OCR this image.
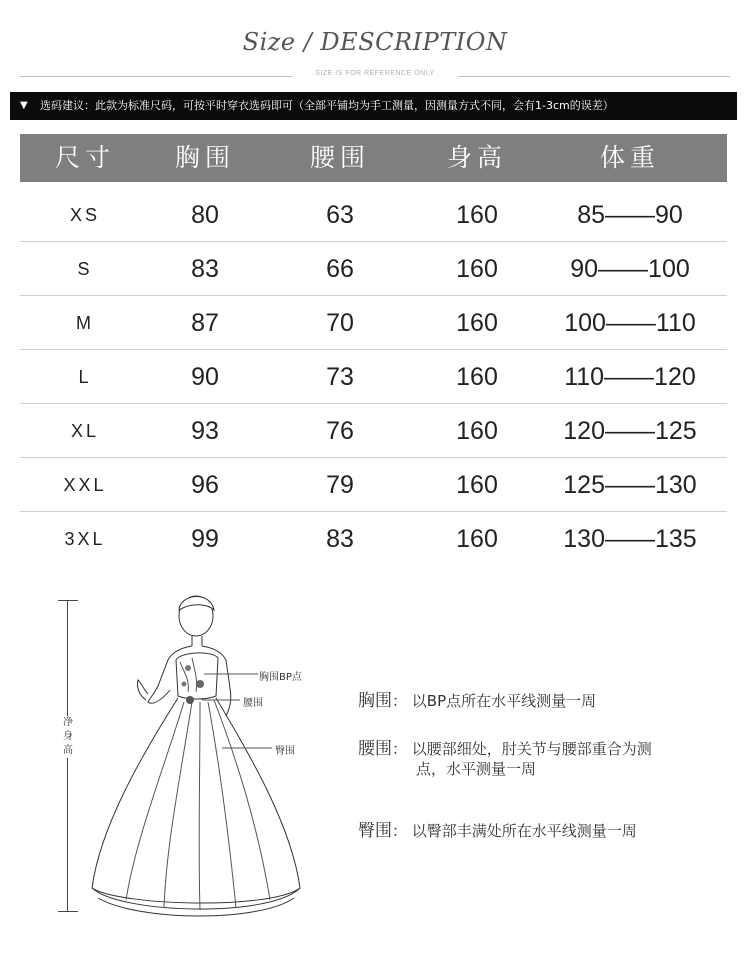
Size / DESCRIPTION
SIZE IS FOR REFERENCE ONLY
▼ 选码建议：此款为标准尺码，可按平时穿衣选码即可（全部平铺均为手工测量，因测量方式不同，会有1-3cm的误差）
尺寸	胸围	腰围	身高	体重
XS	80	63	160	85——90
S	83	66	160	90——100
M	87	70	160	100——110
L	90	73	160	110——120
XL	93	76	160	120——125
XXL	96	79	160	125——130
3XL	99	83	160	130——135
净身高
胸围BP点
腰围
臀围
胸围： 以BP点所在水平线测量一周
腰围： 以腰部细处，肘关节与腰部重合为测
点，水平测量一周
臀围： 以臀部丰满处所在水平线测量一周
